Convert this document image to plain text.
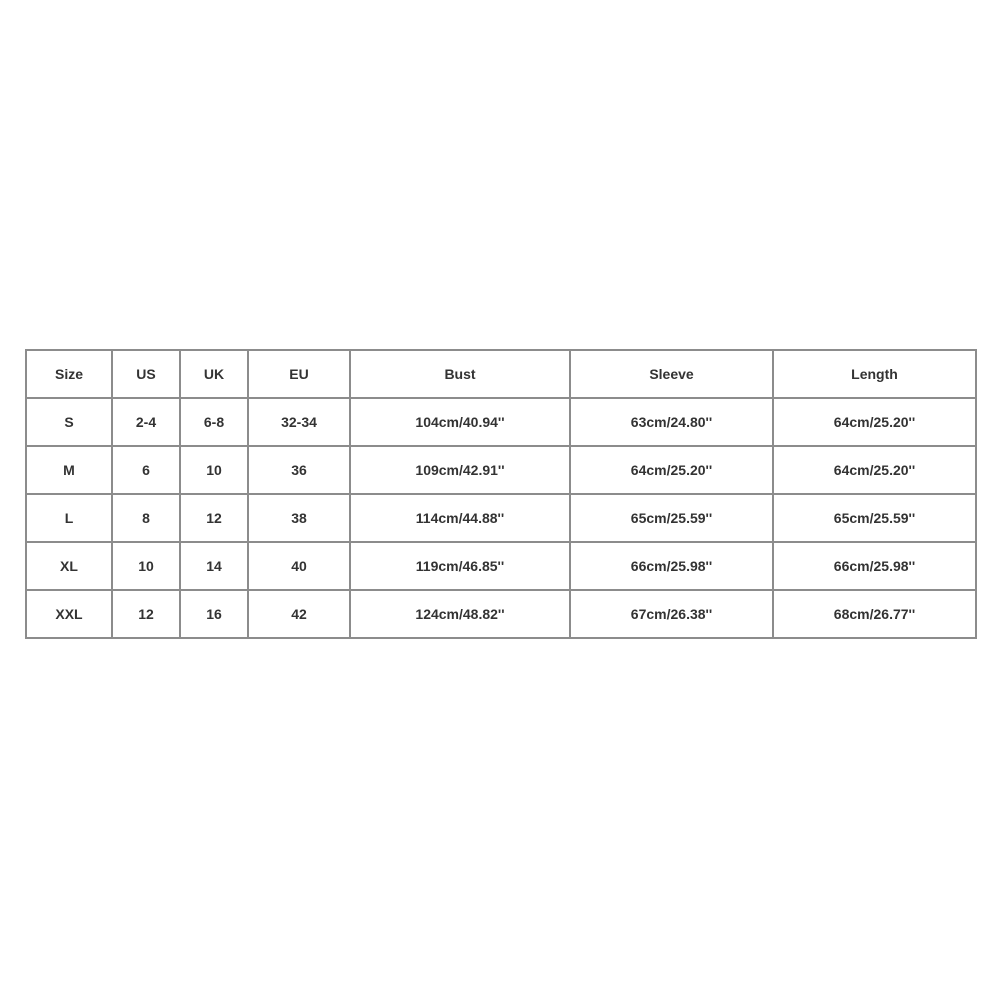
Size	US	UK	EU	Bust	Sleeve	Length
S	2-4	6-8	32-34	104cm/40.94''	63cm/24.80''	64cm/25.20''
M	6	10	36	109cm/42.91''	64cm/25.20''	64cm/25.20''
L	8	12	38	114cm/44.88''	65cm/25.59''	65cm/25.59''
XL	10	14	40	119cm/46.85''	66cm/25.98''	66cm/25.98''
XXL	12	16	42	124cm/48.82''	67cm/26.38''	68cm/26.77''
